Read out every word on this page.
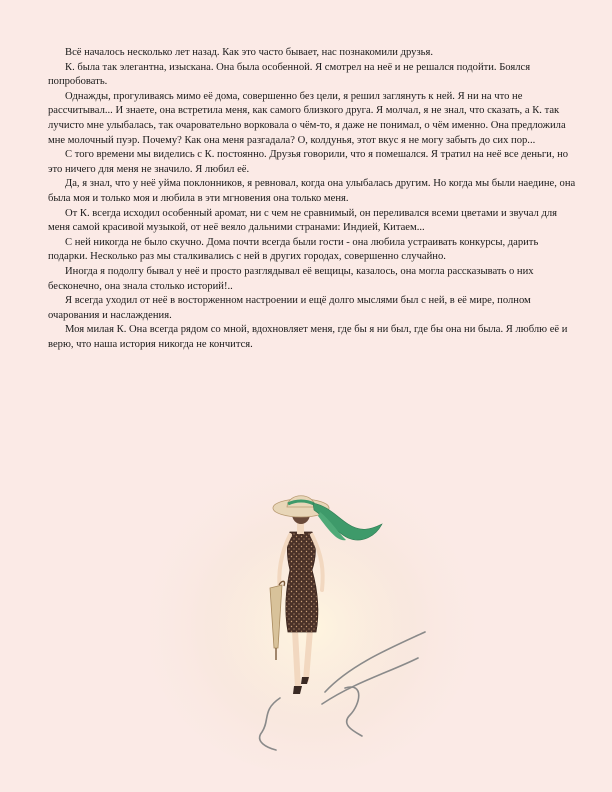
Всё началось несколько лет назад. Как это часто бывает, нас познакомили друзья.

К. была так элегантна, изыскана. Она была особенной. Я смотрел на неё и не решался подойти. Боялся попробовать.

Однажды, прогуливаясь мимо её дома, совершенно без цели, я решил заглянуть к ней. Я ни на что не рассчитывал... И знаете, она встретила меня, как самого близкого друга. Я молчал, я не знал, что сказать, а К. так лучисто мне улыбалась, так очаровательно ворковала о чём-то, я даже не понимал, о чём именно. Она предложила мне молочный пуэр. Почему? Как она меня разгадала? О, колдунья, этот вкус я не могу забыть до сих пор...

С того времени мы виделись с К. постоянно. Друзья говорили, что я помешался. Я тратил на неё все деньги, но это ничего для меня не значило. Я любил её.

Да, я знал, что у неё уйма поклонников, я ревновал, когда она улыбалась другим. Но когда мы были наедине, она была моя и только моя и любила в эти мгновения она только меня.

От К. всегда исходил особенный аромат, ни с чем не сравнимый, он переливался всеми цветами и звучал для меня самой красивой музыкой, от неё веяло дальними странами: Индией, Китаем...

С ней никогда не было скучно. Дома почти всегда были гости - она любила устраивать конкурсы, дарить подарки. Несколько раз мы сталкивались с ней в других городах, совершенно случайно.

Иногда я подолгу бывал у неё и просто разглядывал её вещицы, казалось, она могла рассказывать о них бесконечно, она знала столько историй!..

Я всегда уходил от неё в восторженном настроении и ещё долго мыслями был с ней, в её мире, полном очарования и наслаждения.

Моя милая К. Она всегда рядом со мной, вдохновляет меня, где бы я ни был, где бы она ни была. Я люблю её и верю, что наша история никогда не кончится.
